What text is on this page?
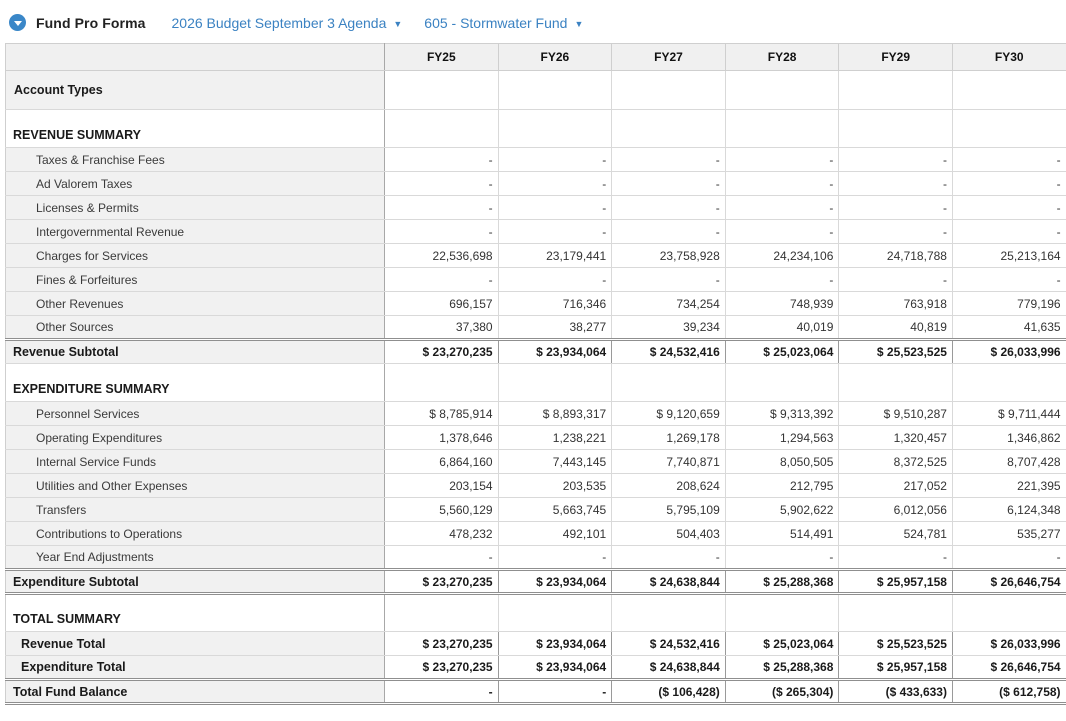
Fund Pro Forma 2026 Budget September 3 Agenda ▼ 605 - Stormwater Fund ▼
	FY25	FY26	FY27	FY28	FY29	FY30
Account Types						
REVENUE SUMMARY						
Taxes & Franchise Fees	-	-	-	-	-	-
Ad Valorem Taxes	-	-	-	-	-	-
Licenses & Permits	-	-	-	-	-	-
Intergovernmental Revenue	-	-	-	-	-	-
Charges for Services	22,536,698	23,179,441	23,758,928	24,234,106	24,718,788	25,213,164
Fines & Forfeitures	-	-	-	-	-	-
Other Revenues	696,157	716,346	734,254	748,939	763,918	779,196
Other Sources	37,380	38,277	39,234	40,019	40,819	41,635
Revenue Subtotal	$ 23,270,235	$ 23,934,064	$ 24,532,416	$ 25,023,064	$ 25,523,525	$ 26,033,996
EXPENDITURE SUMMARY						
Personnel Services	$ 8,785,914	$ 8,893,317	$ 9,120,659	$ 9,313,392	$ 9,510,287	$ 9,711,444
Operating Expenditures	1,378,646	1,238,221	1,269,178	1,294,563	1,320,457	1,346,862
Internal Service Funds	6,864,160	7,443,145	7,740,871	8,050,505	8,372,525	8,707,428
Utilities and Other Expenses	203,154	203,535	208,624	212,795	217,052	221,395
Transfers	5,560,129	5,663,745	5,795,109	5,902,622	6,012,056	6,124,348
Contributions to Operations	478,232	492,101	504,403	514,491	524,781	535,277
Year End Adjustments	-	-	-	-	-	-
Expenditure Subtotal	$ 23,270,235	$ 23,934,064	$ 24,638,844	$ 25,288,368	$ 25,957,158	$ 26,646,754
TOTAL SUMMARY						
Revenue Total	$ 23,270,235	$ 23,934,064	$ 24,532,416	$ 25,023,064	$ 25,523,525	$ 26,033,996
Expenditure Total	$ 23,270,235	$ 23,934,064	$ 24,638,844	$ 25,288,368	$ 25,957,158	$ 26,646,754
Total Fund Balance	-	-	($ 106,428)	($ 265,304)	($ 433,633)	($ 612,758)
